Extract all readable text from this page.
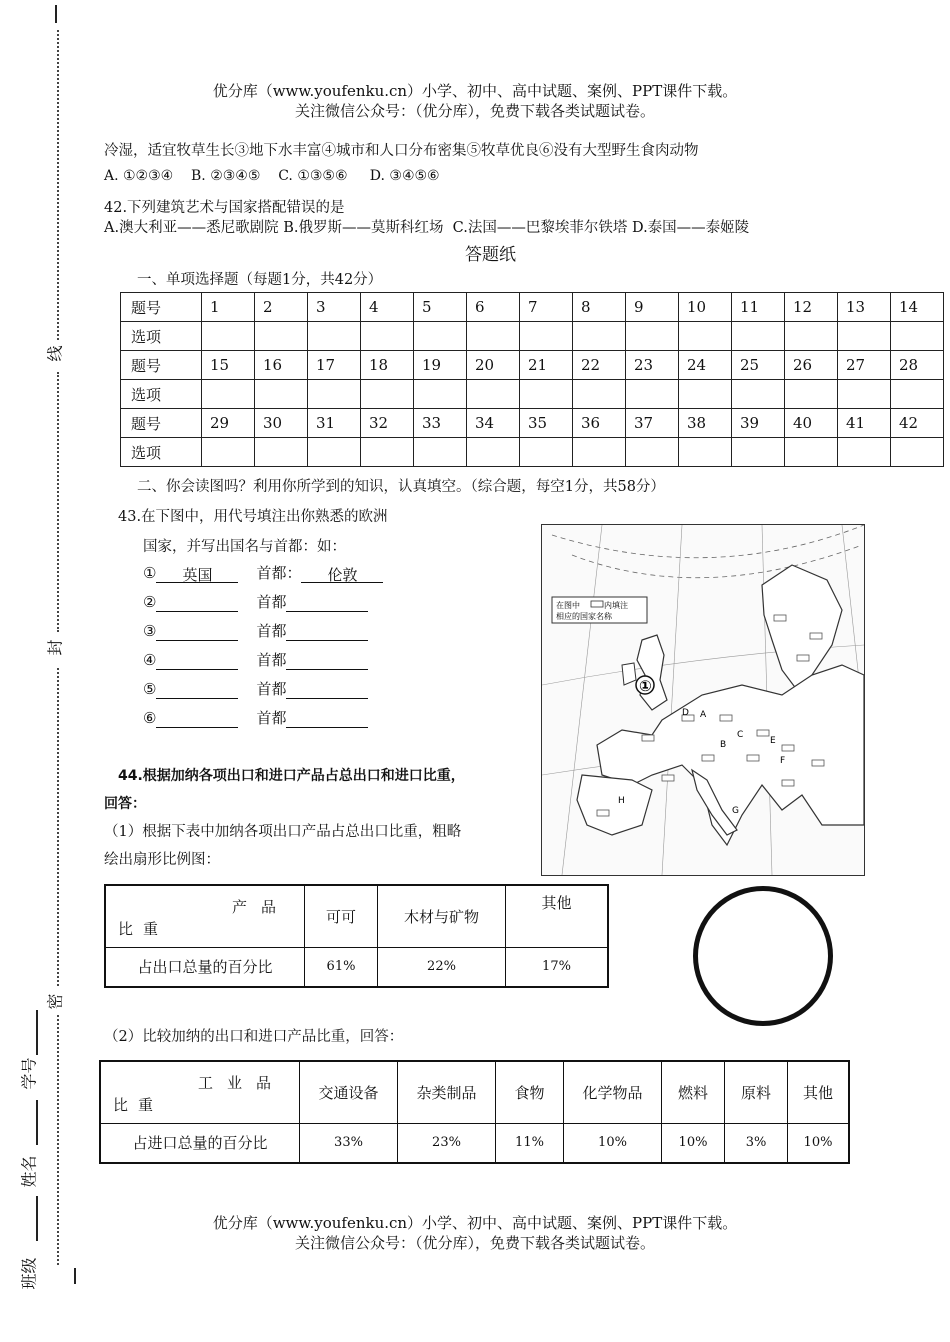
线
封
密
学号
姓名
班级
优分库（www.youfenku.cn）小学、初中、高中试题、案例、PPT课件下载。
关注微信公众号：（优分库），免费下载各类试题试卷。
冷湿，适宜牧草生长③地下水丰富④城市和人口分布密集⑤牧草优良⑥没有大型野生食肉动物
A. ①②③④    B. ②③④⑤    C. ①③⑤⑥     D. ③④⑤⑥
42.下列建筑艺术与国家搭配错误的是
A.澳大利亚——悉尼歌剧院 B.俄罗斯——莫斯科红场  C.法国——巴黎埃菲尔铁塔 D.泰国——泰姬陵
答题纸
一、单项选择题（每题1分，共42分）
题号	1	2	3	4	5	6	7	8	9	10	11	12	13	14
选项														
题号	15	16	17	18	19	20	21	22	23	24	25	26	27	28
选项														
题号	29	30	31	32	33	34	35	36	37	38	39	40	41	42
选项														
二、你会读图吗？利用你所学到的知识，认真填空。（综合题，每空1分，共58分）
43.在下图中，用代号填注出你熟悉的欧洲
国家，并写出国名与首都：如：
① 英国	首都： 伦敦
②	首都
③	首都
④	首都
⑤	首都
⑥	首都
在图中	内填注
相应的国家名称
①
A
B
C
D
E
F
G
H
44.根据加纳各项出口和进口产品占总出口和进口比重，
回答：
（1）根据下表中加纳各项出口产品占总出口比重，粗略
绘出扇形比例图：
产品
比重	可可	木材与矿物	其他
占出口总量的百分比	61%	22%	17%
（2）比较加纳的出口和进口产品比重，回答：
工业品
比重	交通设备	杂类制品	食物	化学物品	燃料	原料	其他
占进口总量的百分比	33%	23%	11%	10%	10%	3%	10%
优分库（www.youfenku.cn）小学、初中、高中试题、案例、PPT课件下载。
关注微信公众号：（优分库），免费下载各类试题试卷。
